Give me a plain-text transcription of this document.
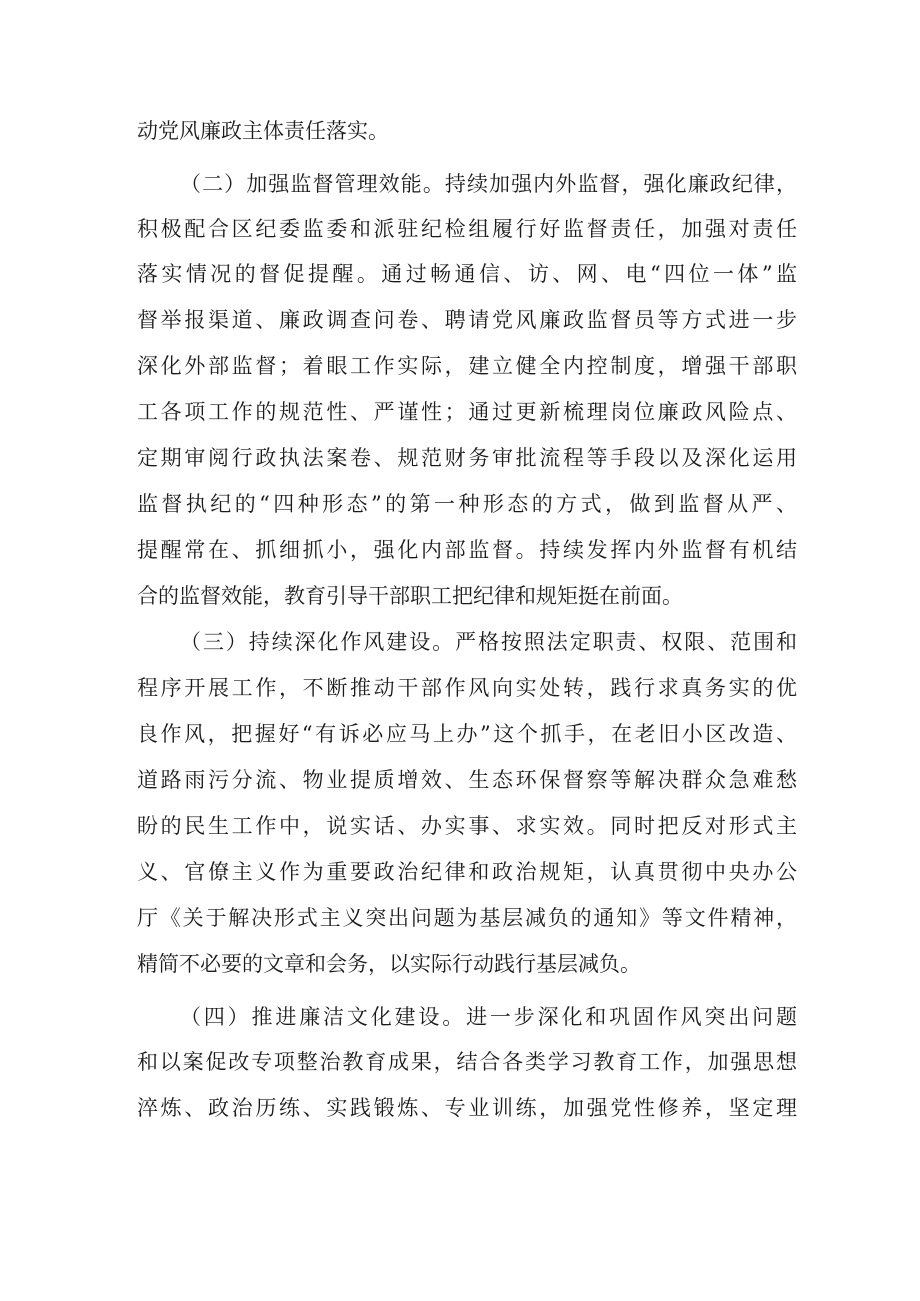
动党风廉政主体责任落实。

（二）加强监督管理效能。持续加强内外监督，强化廉政纪律，

积极配合区纪委监委和派驻纪检组履行好监督责任，加强对责任

落实情况的督促提醒。通过畅通信、访、网、电“四位一体”监

督举报渠道、廉政调查问卷、聘请党风廉政监督员等方式进一步

深化外部监督；着眼工作实际，建立健全内控制度，增强干部职

工各项工作的规范性、严谨性；通过更新梳理岗位廉政风险点、

定期审阅行政执法案卷、规范财务审批流程等手段以及深化运用

监督执纪的“四种形态”的第一种形态的方式，做到监督从严、

提醒常在、抓细抓小，强化内部监督。持续发挥内外监督有机结

合的监督效能，教育引导干部职工把纪律和规矩挺在前面。

（三）持续深化作风建设。严格按照法定职责、权限、范围和

程序开展工作，不断推动干部作风向实处转，践行求真务实的优

良作风，把握好“有诉必应马上办”这个抓手，在老旧小区改造、

道路雨污分流、物业提质增效、生态环保督察等解决群众急难愁

盼的民生工作中，说实话、办实事、求实效。同时把反对形式主

义、官僚主义作为重要政治纪律和政治规矩，认真贯彻中央办公

厅《关于解决形式主义突出问题为基层减负的通知》等文件精神，

精简不必要的文章和会务，以实际行动践行基层减负。

（四）推进廉洁文化建设。进一步深化和巩固作风突出问题

和以案促改专项整治教育成果，结合各类学习教育工作，加强思想

淬炼、政治历练、实践锻炼、专业训练，加强党性修养，坚定理
